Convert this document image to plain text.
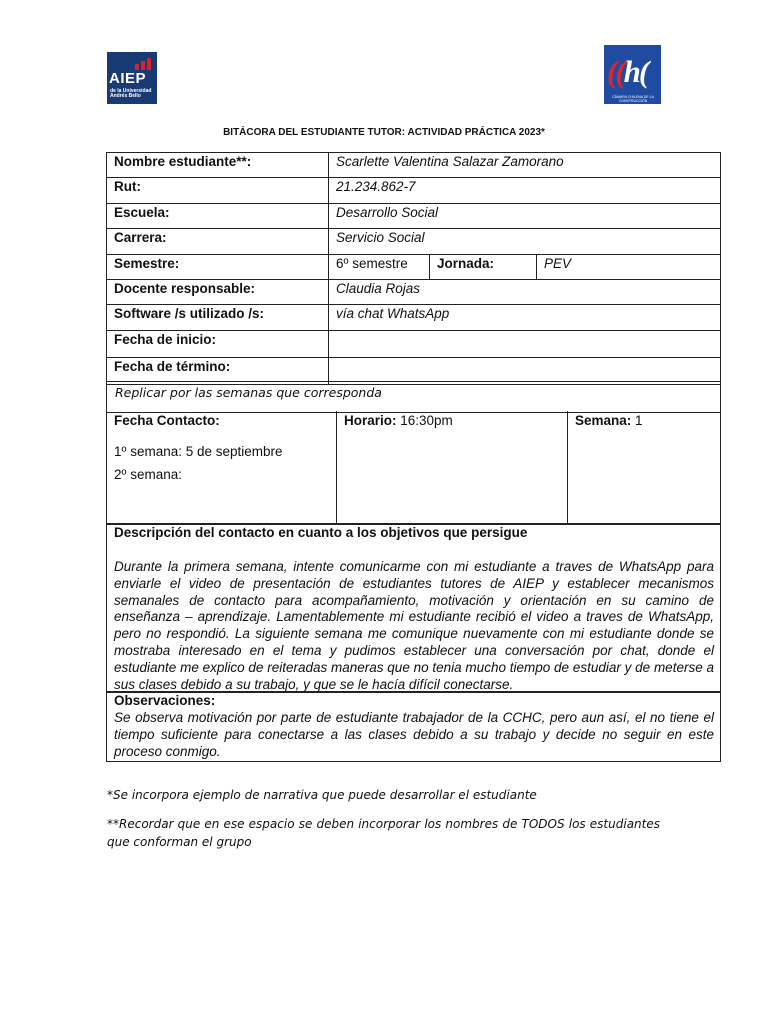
AIEP
de la Universidad Andrés Bello
((h(
CÁMARA CHILENA DE LA CONSTRUCCIÓN
BITÁCORA DEL ESTUDIANTE TUTOR: ACTIVIDAD PRÁCTICA 2023*
Nombre estudiante**:	Scarlette Valentina Salazar Zamorano		
Rut:	21.234.862-7		
Escuela:	Desarrollo Social		
Carrera:	Servicio Social		
Semestre:	6º semestre	Jornada:	PEV
Docente responsable:	Claudia Rojas		
Software /s utilizado /s:	vía chat WhatsApp		
Fecha de inicio:			
Fecha de término:			
Replicar por las semanas que corresponda
Fecha Contacto:
1º semana: 5 de septiembre
2º semana:
Horario: 16:30pm	Semana: 1
Descripción del contacto en cuanto a los objetivos que persigue
Durante la primera semana, intente comunicarme con mi estudiante a traves de WhatsApp para enviarle el video de presentación de estudiantes tutores de AIEP y establecer mecanismos semanales de contacto para acompañamiento, motivación y orientación en su camino de enseñanza – aprendizaje. Lamentablemente mi estudiante recibió el video a traves de WhatsApp, pero no respondió. La siguiente semana me comunique nuevamente con mi estudiante donde se mostraba interesado en el tema y pudimos establecer una conversación por chat, donde el estudiante me explico de reiteradas maneras que no tenia mucho tiempo de estudiar y de meterse a sus clases debido a su trabajo, y que se le hacía difícil conectarse.
Observaciones:
Se observa motivación por parte de estudiante trabajador de la CCHC, pero aun así, el no tiene el tiempo suficiente para conectarse a las clases debido a su trabajo y decide no seguir en este proceso conmigo.
*Se incorpora ejemplo de narrativa que puede desarrollar el estudiante
**Recordar que en ese espacio se deben incorporar los nombres de TODOS los estudiantes que conforman el grupo
